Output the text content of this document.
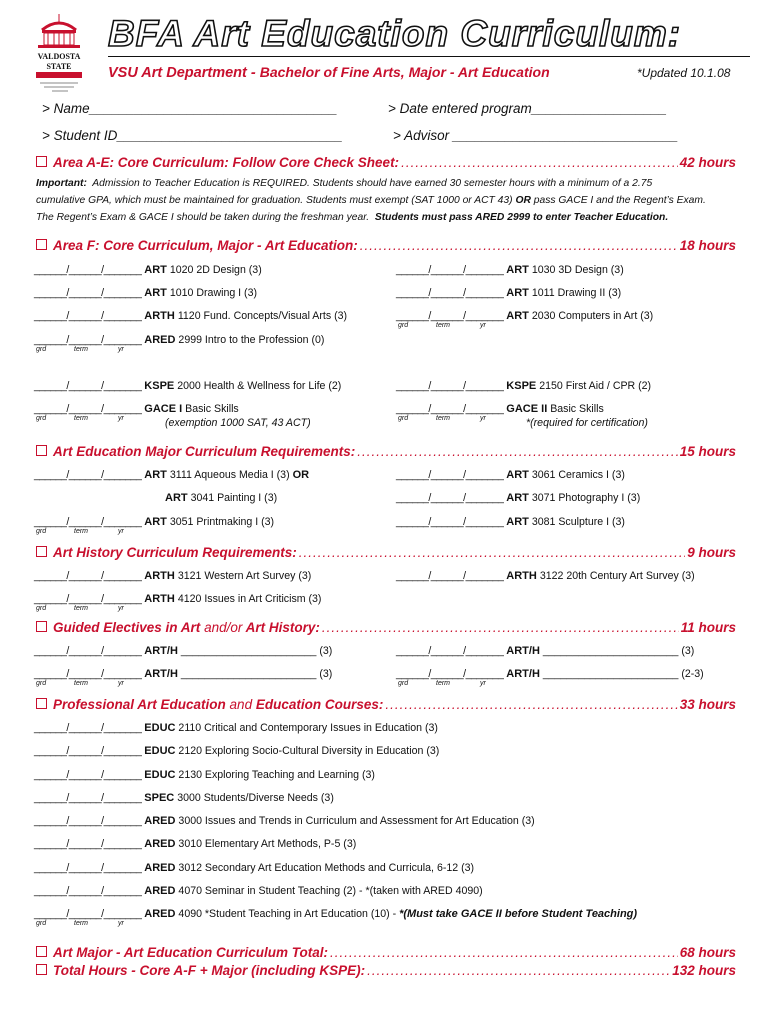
VALDOSTA
STATE
BFA Art Education Curriculum:
VSU Art Department - Bachelor of Fine Arts, Major - Art Education	*Updated 10.1.08
> Name_________________________________	> Date entered program__________________
> Student ID______________________________	> Advisor ______________________________
Area A-E: Core Curriculum: Follow Core Check Sheet: .....	42 hours
Important: Admission to Teacher Education is REQUIRED. Students should have earned 30 semester hours with a minimum of a 2.75
cumulative GPA, which must be maintained for graduation. Students must exempt (SAT 1000 or ACT 43) OR pass GACE I and the Regent’s Exam.
The Regent’s Exam & GACE I should be taken during the freshman year. Students must pass ARED 2999 to enter Teacher Education.
Area F: Core Curriculum, Major - Art Education: .....	18 hours
______/______/_______ ART 1020 2D Design (3)	______/______/_______ ART 1030 3D Design (3)
______/______/_______ ART 1010 Drawing I (3)	______/______/_______ ART 1011 Drawing II (3)
______/______/_______ ARTH 1120 Fund. Concepts/Visual Arts (3)	______/______/_______ ART 2030 Computers in Art (3)
grd	term	yr
______/______/_______ ARED 2999 Intro to the Profession (0)
grd	term	yr
______/______/_______ KSPE 2000 Health & Wellness for Life (2)	______/______/_______ KSPE 2150 First Aid / CPR (2)
______/______/_______ GACE I Basic Skills	______/______/_______ GACE II Basic Skills
(exemption 1000 SAT, 43 ACT)	*(required for certification)
grd	term	yr	grd	term	yr
Art Education Major Curriculum Requirements: .....	15 hours
______/______/_______ ART 3111 Aqueous Media I (3) OR	______/______/_______ ART 3061 Ceramics I (3)
ART 3041 Painting I (3)	______/______/_______ ART 3071 Photography I (3)
______/______/_______ ART 3051 Printmaking I (3)	______/______/_______ ART 3081 Sculpture I (3)
grd	term	yr
Art History Curriculum Requirements: .....	9 hours
______/______/_______ ARTH 3121 Western Art Survey (3)	______/______/_______ ARTH 3122 20th Century Art Survey (3)
______/______/_______ ARTH 4120 Issues in Art Criticism (3)
grd	term	yr
Guided Electives in Art and/or Art History: .....	11 hours
______/______/_______ ART/H _______________________ (3)	______/______/_______ ART/H _______________________ (3)
______/______/_______ ART/H _______________________ (3)	______/______/_______ ART/H _______________________ (2-3)
grd	term	yr	grd	term	yr
Professional Art Education and Education Courses: .....	33 hours
______/______/_______ EDUC 2110 Critical and Contemporary Issues in Education (3)
______/______/_______ EDUC 2120 Exploring Socio-Cultural Diversity in Education (3)
______/______/_______ EDUC 2130 Exploring Teaching and Learning (3)
______/______/_______ SPEC 3000 Students/Diverse Needs (3)
______/______/_______ ARED 3000 Issues and Trends in Curriculum and Assessment for Art Education (3)
______/______/_______ ARED 3010 Elementary Art Methods, P-5 (3)
______/______/_______ ARED 3012 Secondary Art Education Methods and Curricula, 6-12 (3)
______/______/_______ ARED 4070 Seminar in Student Teaching (2) - *(taken with ARED 4090)
______/______/_______ ARED 4090 *Student Teaching in Art Education (10) - *(Must take GACE II before Student Teaching)
grd	term	yr
Art Major - Art Education Curriculum Total: .....	68 hours
Total Hours - Core A-F + Major (including KSPE): .....	132 hours
